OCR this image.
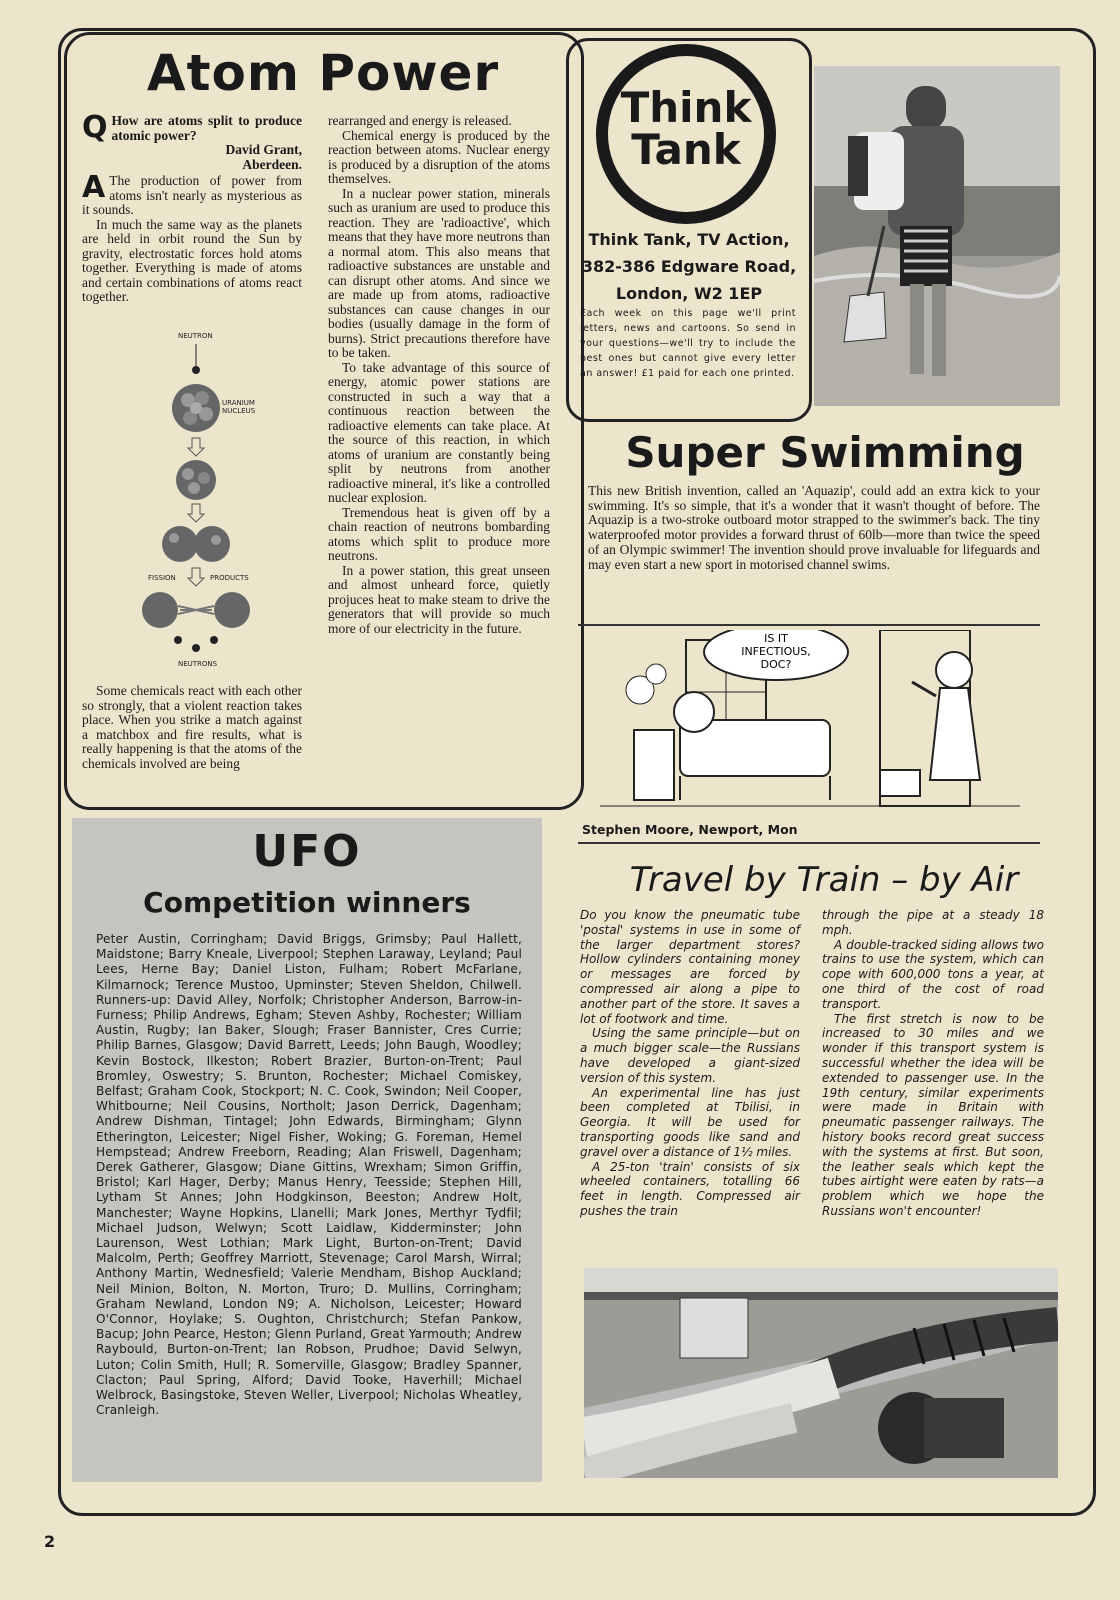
Atom Power
Q How are atoms split to produce atomic power?
David Grant,
Aberdeen.
A The production of power from atoms isn't nearly as mysterious as it sounds.

In much the same way as the planets are held in orbit round the Sun by gravity, electrostatic forces hold atoms together. Everything is made of atoms and certain combinations of atoms react together.

NEUTRON
URANIUM
NUCLEUS
FISSION	PRODUCTS
NEUTRONS

Some chemicals react with each other so strongly, that a violent reaction takes place. When you strike a match against a matchbox and fire results, what is really happening is that the atoms of the chemicals involved are being

rearranged and energy is released.

Chemical energy is produced by the reaction between atoms. Nuclear energy is produced by a disruption of the atoms themselves.

In a nuclear power station, minerals such as uranium are used to produce this reaction. They are 'radioactive', which means that they have more neutrons than a normal atom. This also means that radioactive substances are unstable and can disrupt other atoms. And since we are made up from atoms, radioactive substances can cause changes in our bodies (usually damage in the form of burns). Strict precautions therefore have to be taken.

To take advantage of this source of energy, atomic power stations are constructed in such a way that a continuous reaction between the radioactive elements can take place. At the source of this reaction, in which atoms of uranium are constantly being split by neutrons from another radioactive mineral, it's like a controlled nuclear explosion.

Tremendous heat is given off by a chain reaction of neutrons bombarding atoms which split to produce more neutrons.

In a power station, this great unseen and almost unheard force, quietly projuces heat to make steam to drive the generators that will provide so much more of our electricity in the future.

Think
Tank
Think Tank, TV Action,
382-386 Edgware Road,
London, W2 1EP
Each week on this page we'll print letters, news and cartoons. So send in your questions—we'll try to include the best ones but cannot give every letter an answer! £1 paid for each one printed.
Super Swimming
This new British invention, called an 'Aquazip', could add an extra kick to your swimming. It's so simple, that it's a wonder that it wasn't thought of before. The Aquazip is a two-stroke outboard motor strapped to the swimmer's back. The tiny waterproofed motor provides a forward thrust of 60lb—more than twice the speed of an Olympic swimmer! The invention should prove invaluable for lifeguards and may even start a new sport in motorised channel swims.
IS IT
INFECTIOUS,
DOC?
Stephen Moore, Newport, Mon
UFO
Competition winners
Peter Austin, Corringham; David Briggs, Grimsby; Paul Hallett, Maidstone; Barry Kneale, Liverpool; Stephen Laraway, Leyland; Paul Lees, Herne Bay; Daniel Liston, Fulham; Robert McFarlane, Kilmarnock; Terence Mustoo, Upminster; Steven Sheldon, Chilwell. Runners-up: David Alley, Norfolk; Christopher Anderson, Barrow-in-Furness; Philip Andrews, Egham; Steven Ashby, Rochester; William Austin, Rugby; Ian Baker, Slough; Fraser Bannister, Cres Currie; Philip Barnes, Glasgow; David Barrett, Leeds; John Baugh, Woodley; Kevin Bostock, Ilkeston; Robert Brazier, Burton-on-Trent; Paul Bromley, Oswestry; S. Brunton, Rochester; Michael Comiskey, Belfast; Graham Cook, Stockport; N. C. Cook, Swindon; Neil Cooper, Whitbourne; Neil Cousins, Northolt; Jason Derrick, Dagenham; Andrew Dishman, Tintagel; John Edwards, Birmingham; Glynn Etherington, Leicester; Nigel Fisher, Woking; G. Foreman, Hemel Hempstead; Andrew Freeborn, Reading; Alan Friswell, Dagenham; Derek Gatherer, Glasgow; Diane Gittins, Wrexham; Simon Griffin, Bristol; Karl Hager, Derby; Manus Henry, Teesside; Stephen Hill, Lytham St Annes; John Hodgkinson, Beeston; Andrew Holt, Manchester; Wayne Hopkins, Llanelli; Mark Jones, Merthyr Tydfil; Michael Judson, Welwyn; Scott Laidlaw, Kidderminster; John Laurenson, West Lothian; Mark Light, Burton-on-Trent; David Malcolm, Perth; Geoffrey Marriott, Stevenage; Carol Marsh, Wirral; Anthony Martin, Wednesfield; Valerie Mendham, Bishop Auckland; Neil Minion, Bolton, N. Morton, Truro; D. Mullins, Corringham; Graham Newland, London N9; A. Nicholson, Leicester; Howard O'Connor, Hoylake; S. Oughton, Christchurch; Stefan Pankow, Bacup; John Pearce, Heston; Glenn Purland, Great Yarmouth; Andrew Raybould, Burton-on-Trent; Ian Robson, Prudhoe; David Selwyn, Luton; Colin Smith, Hull; R. Somerville, Glasgow; Bradley Spanner, Clacton; Paul Spring, Alford; David Tooke, Haverhill; Michael Welbrock, Basingstoke, Steven Weller, Liverpool; Nicholas Wheatley, Cranleigh.
Travel by Train – by Air

Do you know the pneumatic tube 'postal' systems in use in some of the larger department stores? Hollow cylinders containing money or messages are forced by compressed air along a pipe to another part of the store. It saves a lot of footwork and time.

Using the same principle—but on a much bigger scale—the Russians have developed a giant-sized version of this system.

An experimental line has just been completed at Tbilisi, in Georgia. It will be used for transporting goods like sand and gravel over a distance of 1½ miles.

A 25-ton 'train' consists of six wheeled containers, totalling 66 feet in length. Compressed air pushes the train

through the pipe at a steady 18 mph.

A double-tracked siding allows two trains to use the system, which can cope with 600,000 tons a year, at one third of the cost of road transport.

The first stretch is now to be increased to 30 miles and we wonder if this transport system is successful whether the idea will be extended to passenger use. In the 19th century, similar experiments were made in Britain with pneumatic passenger railways. The history books record great success with the systems at first. But soon, the leather seals which kept the tubes airtight were eaten by rats—a problem which we hope the Russians won't encounter!

2
